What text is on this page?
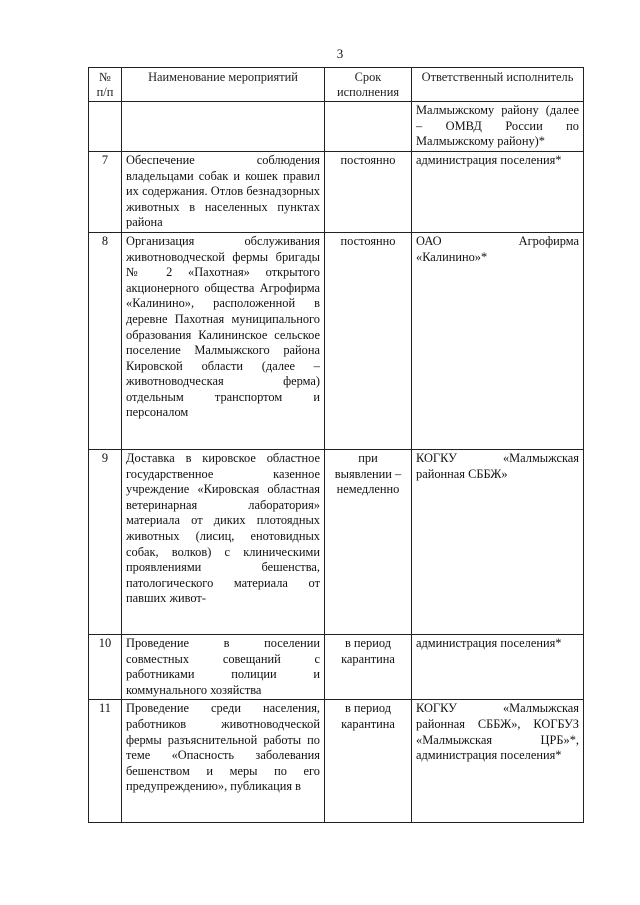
3
№ п/п	Наименование мероприятий	Срок исполнения	Ответственный исполнитель
			Малмыжскому району (далее – ОМВД России по Малмыжскому району)*
7	Обеспечение соблюдения владельцами собак и кошек правил их содержания. Отлов безнадзорных животных в населенных пунктах района	постоянно	администрация поселения*
8	Организация обслуживания животноводческой фермы бригады № 2 «Пахотная» открытого акционерного общества Агрофирма «Калинино», расположенной в деревне Пахотная муниципального образования Калининское сельское поселение Малмыжского района Кировской области (далее – животноводческая ферма) отдельным транспортом и персоналом	постоянно	ОАО Агрофирма «Калинино»*
9	Доставка в кировское областное государственное казенное учреждение «Кировская областная ветеринарная лаборатория» материала от диких плотоядных животных (лисиц, енотовидных собак, волков) с клиническими проявлениями бешенства, патологического материала от павших живот-	при выявлении – немедленно	КОГКУ «Малмыжская районная СББЖ»
10	Проведение в поселении совместных совещаний с работниками полиции и коммунального хозяйства	в период карантина	администрация поселения*
11	Проведение среди населения, работников животноводческой фермы разъяснительной работы по теме «Опасность заболевания бешенством и меры по его предупреждению», публикация в	в период карантина	КОГКУ «Малмыжская районная СББЖ», КОГБУЗ «Малмыжская ЦРБ»*, администрация поселения*
